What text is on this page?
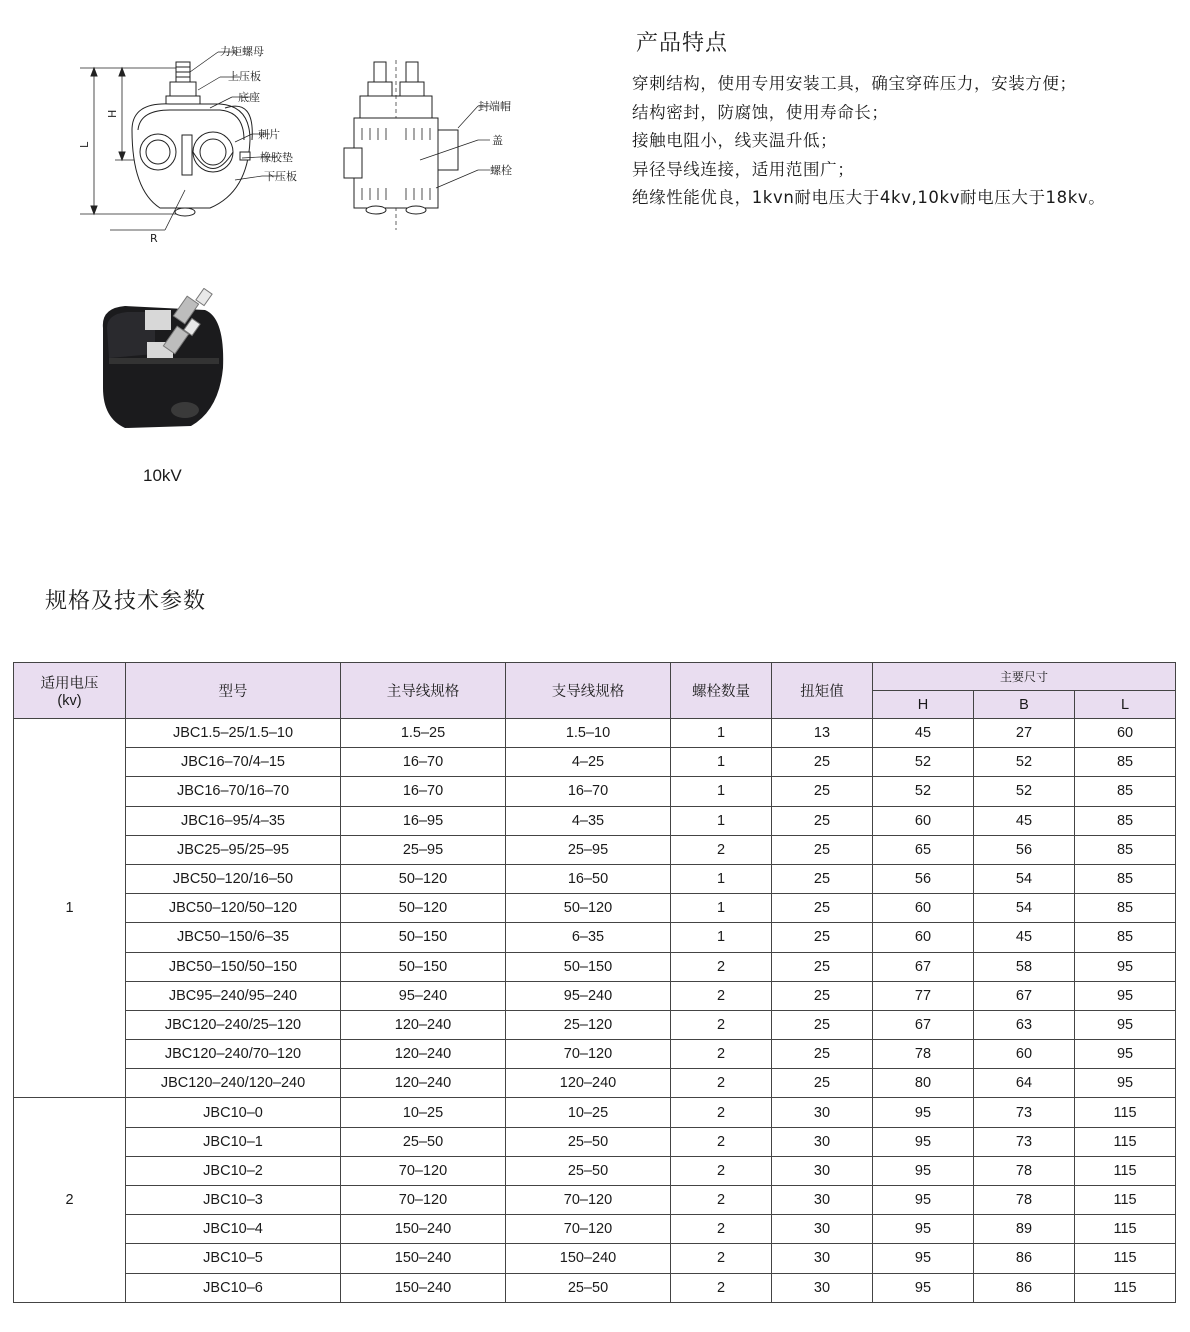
力矩螺母
上压板
底座
刺片
橡胶垫
下压板
L
H
R
封端帽
盖
螺栓
10kV
产品特点
穿刺结构，使用专用安装工具，确宝穿砗压力，安装方便；
结构密封，防腐蚀，使用寿命长；
接触电阻小，线夹温升低；
异径导线连接，适用范围广；
绝缘性能优良，1kvn耐电压大于4kv,10kv耐电压大于18kv。
规格及技术参数
适用电压
(kv)	型号	主导线规格	支导线规格	螺栓数量	扭矩值	主要尺寸		
						H	B	L
1	JBC1.5–25/1.5–10	1.5–25	1.5–10	1	13	45	27	60
	JBC16–70/4–15	16–70	4–25	1	25	52	52	85
	JBC16–70/16–70	16–70	16–70	1	25	52	52	85
	JBC16–95/4–35	16–95	4–35	1	25	60	45	85
	JBC25–95/25–95	25–95	25–95	2	25	65	56	85
	JBC50–120/16–50	50–120	16–50	1	25	56	54	85
	JBC50–120/50–120	50–120	50–120	1	25	60	54	85
	JBC50–150/6–35	50–150	6–35	1	25	60	45	85
	JBC50–150/50–150	50–150	50–150	2	25	67	58	95
	JBC95–240/95–240	95–240	95–240	2	25	77	67	95
	JBC120–240/25–120	120–240	25–120	2	25	67	63	95
	JBC120–240/70–120	120–240	70–120	2	25	78	60	95
	JBC120–240/120–240	120–240	120–240	2	25	80	64	95
2	JBC10–0	10–25	10–25	2	30	95	73	115
	JBC10–1	25–50	25–50	2	30	95	73	115
	JBC10–2	70–120	25–50	2	30	95	78	115
	JBC10–3	70–120	70–120	2	30	95	78	115
	JBC10–4	150–240	70–120	2	30	95	89	115
	JBC10–5	150–240	150–240	2	30	95	86	115
	JBC10–6	150–240	25–50	2	30	95	86	115
